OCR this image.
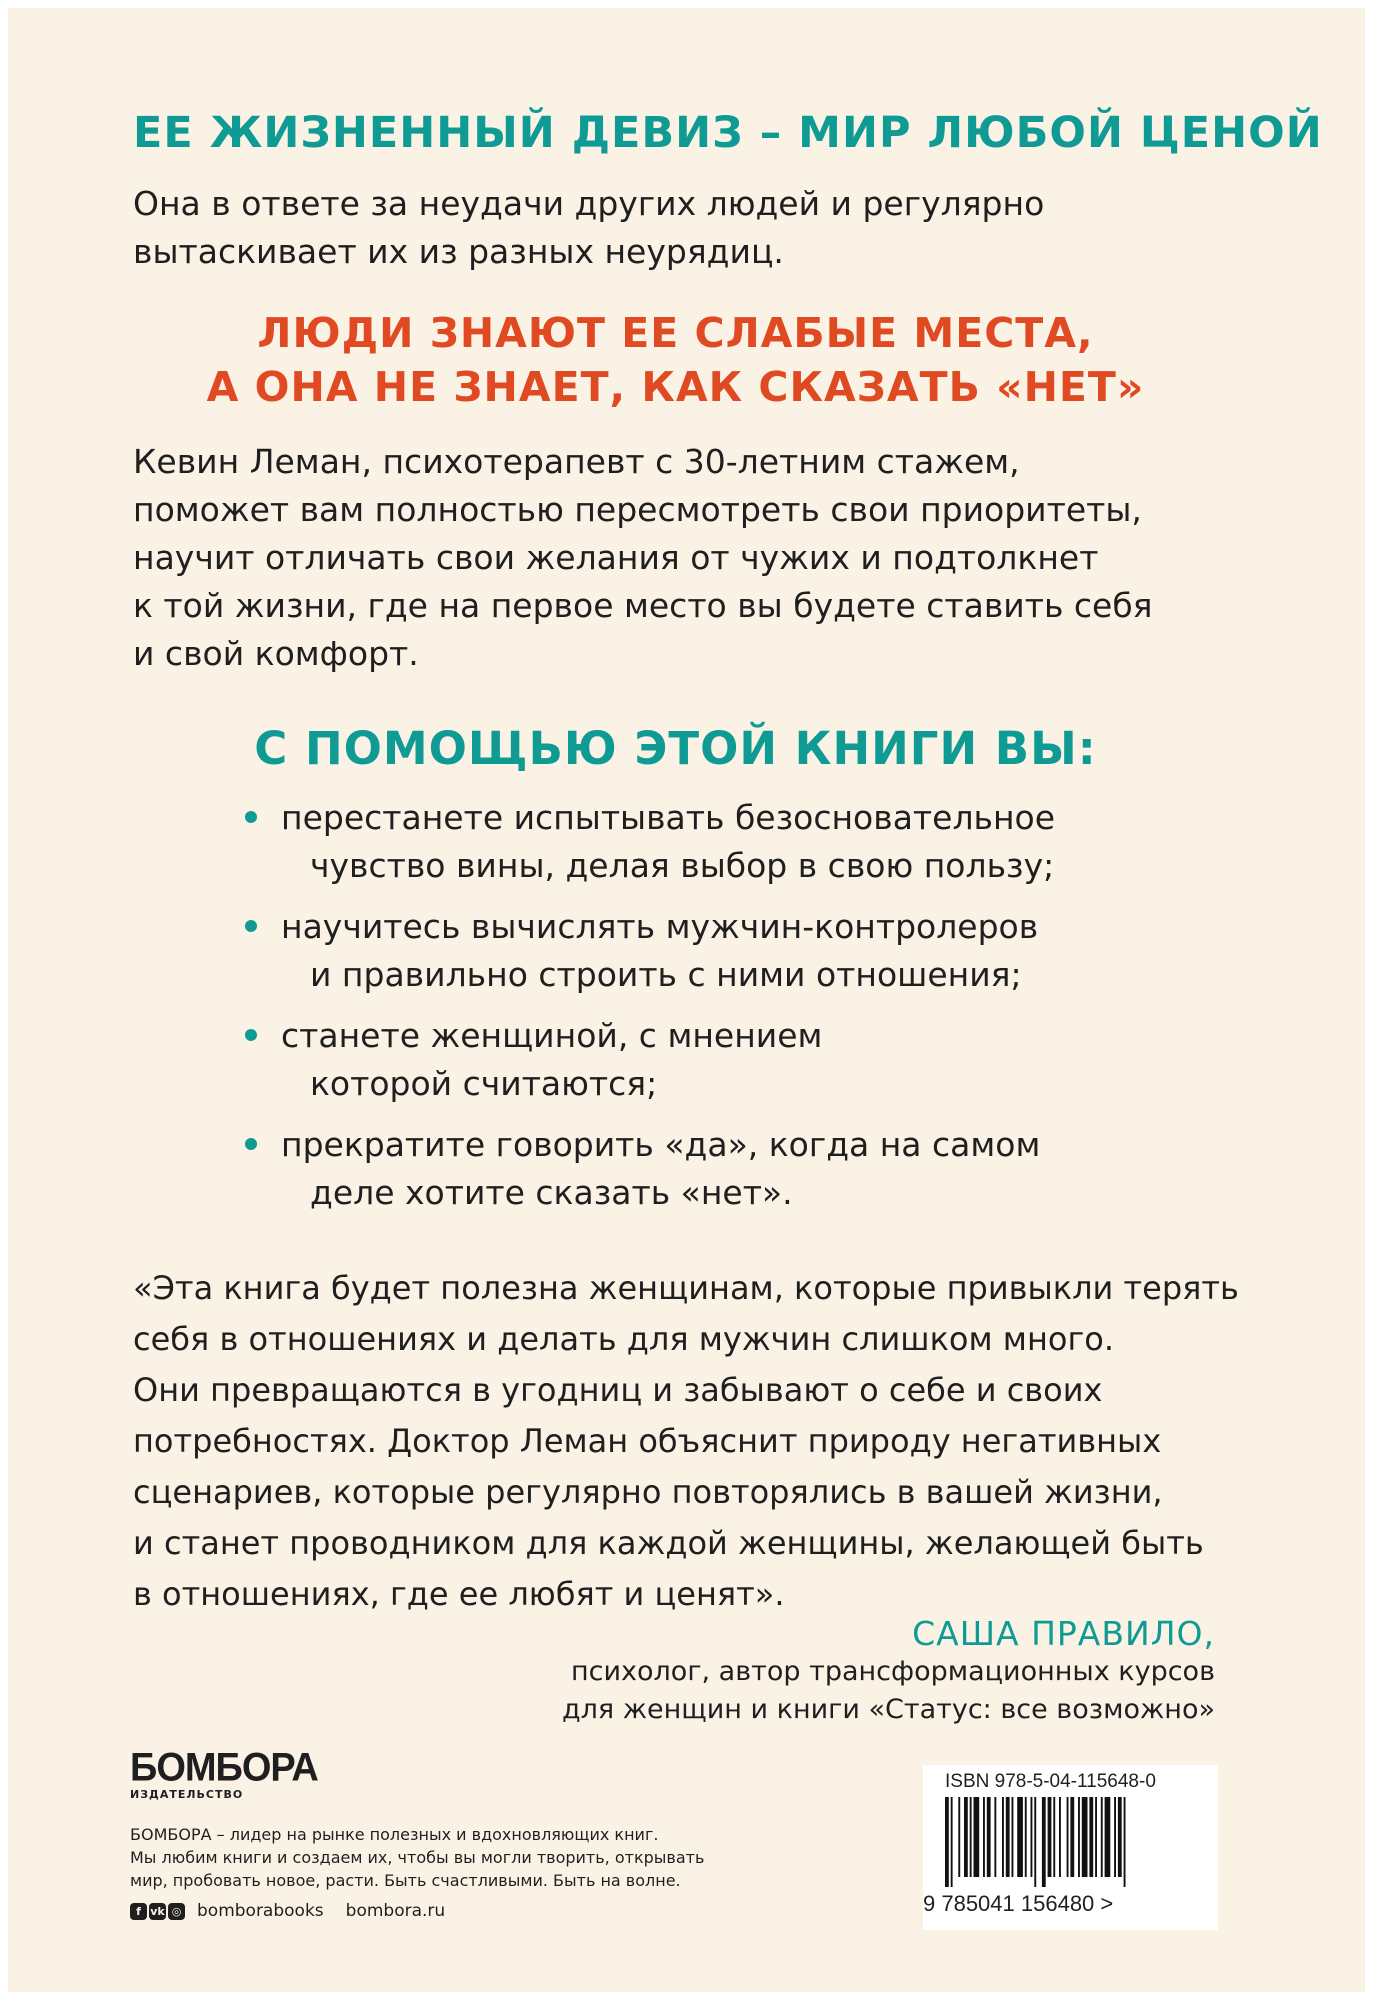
ЕЕ ЖИЗНЕННЫЙ ДЕВИЗ – МИР ЛЮБОЙ ЦЕНОЙ
Она в ответе за неудачи других людей и регулярно
вытаскивает их из разных неурядиц.
ЛЮДИ ЗНАЮТ ЕЕ СЛАБЫЕ МЕСТА,
А ОНА НЕ ЗНАЕТ, КАК СКАЗАТЬ «НЕТ»
Кевин Леман, психотерапевт с 30-летним стажем,
поможет вам полностью пересмотреть свои приоритеты,
научит отличать свои желания от чужих и подтолкнет
к той жизни, где на первое место вы будете ставить себя
и свой комфорт.
С ПОМОЩЬЮ ЭТОЙ КНИГИ ВЫ:
перестанете испытывать безосновательное
чувство вины, делая выбор в свою пользу;
научитесь вычислять мужчин-контролеров
и правильно строить с ними отношения;
станете женщиной, с мнением
которой считаются;
прекратите говорить «да», когда на самом
деле хотите сказать «нет».
«Эта книга будет полезна женщинам, которые привыкли терять
себя в отношениях и делать для мужчин слишком много.
Они превращаются в угодниц и забывают о себе и своих
потребностях. Доктор Леман объяснит природу негативных
сценариев, которые регулярно повторялись в вашей жизни,
и станет проводником для каждой женщины, желающей быть
в отношениях, где ее любят и ценят».
САША ПРАВИЛО,
психолог, автор трансформационных курсов
для женщин и книги «Статус: все возможно»
БОМБОРА
ИЗДАТЕЛЬСТВО
БОМБОРА – лидер на рынке полезных и вдохновляющих книг.
Мы любим книги и создаем их, чтобы вы могли творить, открывать
мир, пробовать новое, расти. Быть счастливыми. Быть на волне.
f vk ◎ bomborabooks bombora.ru
ISBN 978-5-04-115648-0
9 785041 156480 >
